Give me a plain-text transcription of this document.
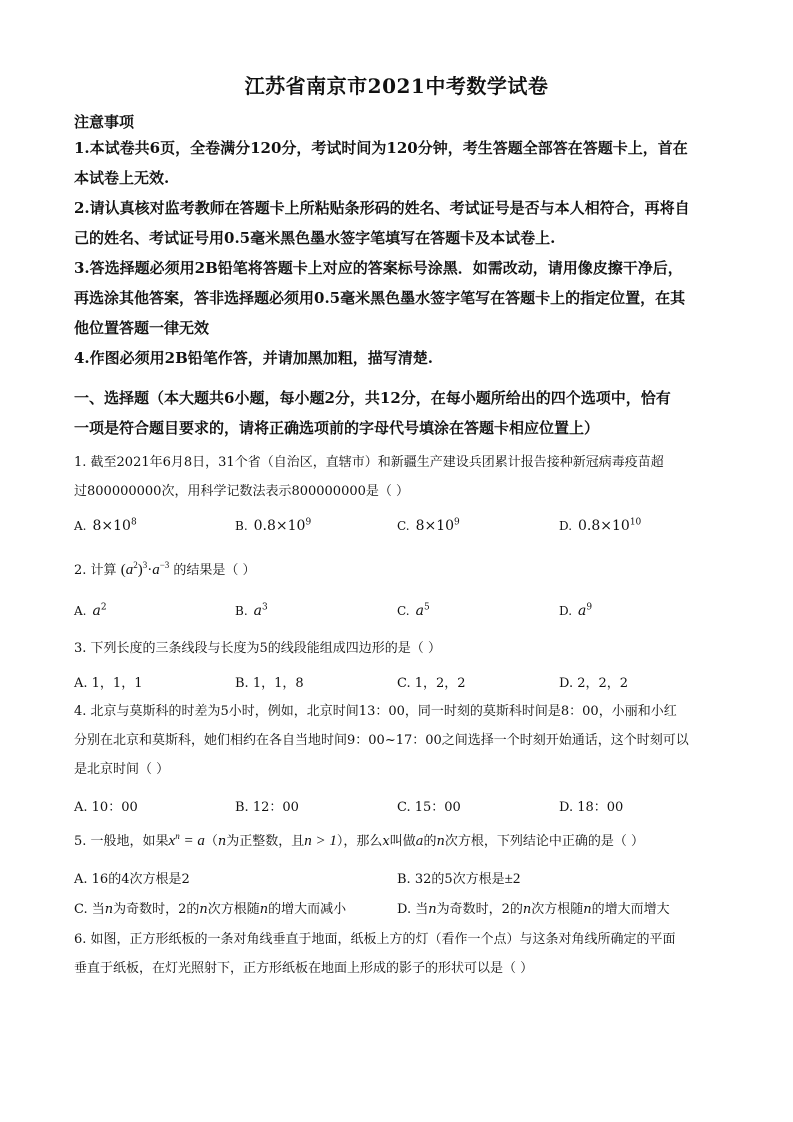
江苏省南京市2021中考数学试卷
注意事项
1.本试卷共6页，全卷满分120分，考试时间为120分钟，考生答题全部答在答题卡上，首在
本试卷上无效.
2.请认真核对监考教师在答题卡上所粘贴条形码的姓名、考试证号是否与本人相符合，再将自
己的姓名、考试证号用0.5毫米黑色墨水签字笔填写在答题卡及本试卷上.
3.答选择题必须用2B铅笔将答题卡上对应的答案标号涂黑．如需改动，请用像皮擦干净后，
再选涂其他答案，答非选择题必须用0.5毫米黑色墨水签字笔写在答题卡上的指定位置，在其
他位置答题一律无效
4.作图必须用2B铅笔作答，并请加黑加粗，描写清楚.
一、选择题（本大题共6小题，每小题2分，共12分，在每小题所给出的四个选项中，恰有
一项是符合题目要求的，请将正确选项前的字母代号填涂在答题卡相应位置上）
1. 截至2021年6月8日，31个省（自治区，直辖市）和新疆生产建设兵团累计报告接种新冠病毒疫苗超
过800000000次，用科学记数法表示800000000是（ ）
A. $8\times 10^8$	B. $0.8\times 10^9$	C. $8\times 10^9$	D. $0.8\times 10^{10}$
2. 计算 $(a^2)^3\cdot a^{-3}$ 的结果是（ ）
A. $a^2$	B. $a^3$	C. $a^5$	D. $a^9$
3. 下列长度的三条线段与长度为5的线段能组成四边形的是（ ）
A. 1，1，1	B. 1，1，8	C. 1，2，2	D. 2，2，2
4. 北京与莫斯科的时差为5小时，例如，北京时间13：00，同一时刻的莫斯科时间是8：00，小丽和小红
分别在北京和莫斯科，她们相约在各自当地时间9：00~17：00之间选择一个时刻开始通话，这个时刻可以
是北京时间（ ）
A. 10：00	B. 12：00	C. 15：00	D. 18：00
5. 一般地，如果$x^n = a(n$为正整数，且n > 1），那么x叫做a的n次方根，下列结论中正确的是（ ）
A. 16的4次方根是2	B. 32的5次方根是±2
C. 当n为奇数时，2的n次方根随n的增大而减小	D. 当n为奇数时，2的n次方根随n的增大而增大
6. 如图，正方形纸板的一条对角线垂直于地面，纸板上方的灯（看作一个点）与这条对角线所确定的平面
垂直于纸板，在灯光照射下，正方形纸板在地面上形成的影子的形状可以是（ ）
